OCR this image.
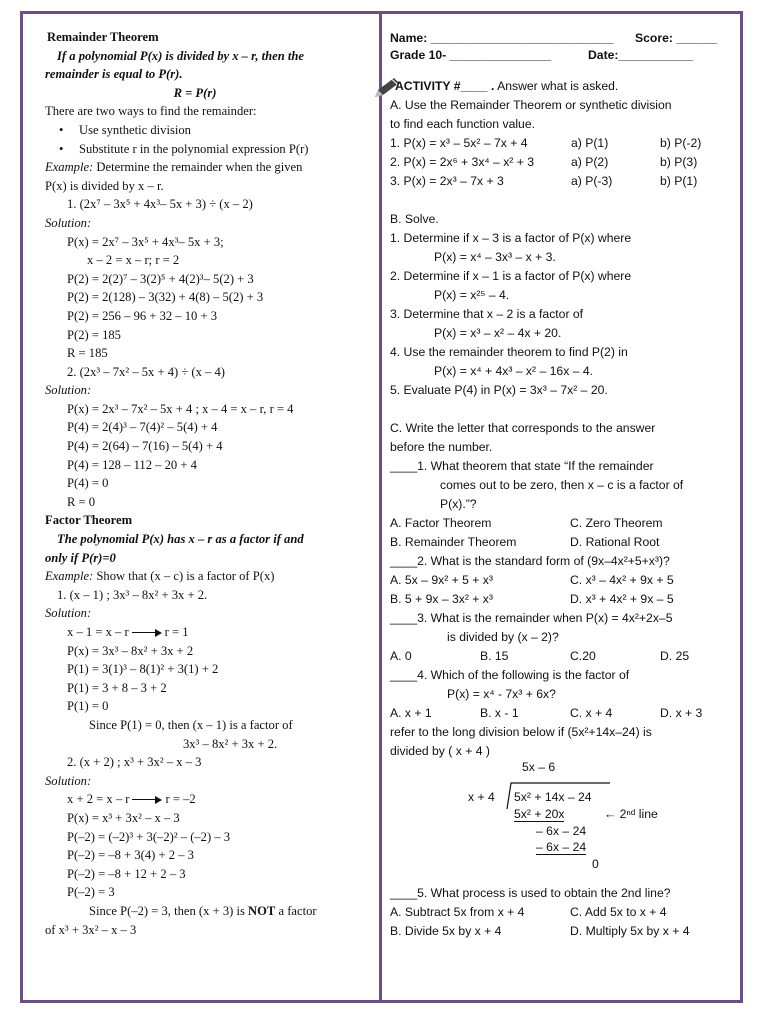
Remainder Theorem
If a polynomial P(x) is divided by x – r, then the
remainder is equal to P(r).
R = P(r)
There are two ways to find the remainder:
• Use synthetic division
• Substitute r in the polynomial expression P(r)
Example: Determine the remainder when the given
P(x) is divided by x – r.
1. (2x⁷ – 3x⁵ + 4x³– 5x + 3) ÷ (x – 2)
Solution:
P(x) = 2x⁷ – 3x⁵ + 4x³– 5x + 3;
x – 2 = x – r; r = 2
P(2) = 2(2)⁷ – 3(2)⁵ + 4(2)³– 5(2) + 3
P(2) = 2(128) – 3(32) + 4(8) – 5(2) + 3
P(2) = 256 – 96 + 32 – 10 + 3
P(2) = 185
R = 185
2. (2x³ – 7x² – 5x + 4) ÷ (x – 4)
Solution:
P(x) = 2x³ – 7x² – 5x + 4 ; x – 4 = x – r, r = 4
P(4) = 2(4)³ – 7(4)² – 5(4) + 4
P(4) = 2(64) – 7(16) – 5(4) + 4
P(4) = 128 – 112 – 20 + 4
P(4) = 0
R = 0
Factor Theorem
The polynomial P(x) has x – r as a factor if and
only if P(r)=0
Example: Show that (x – c) is a factor of P(x)
1. (x – 1) ; 3x³ – 8x² + 3x + 2.
Solution:
x – 1 = x – r	r = 1
P(x) = 3x³ – 8x² + 3x + 2
P(1) = 3(1)³ – 8(1)² + 3(1) + 2
P(1) = 3 + 8 – 3 + 2
P(1) = 0
Since P(1) = 0, then (x – 1) is a factor of
3x³ – 8x² + 3x + 2.
2. (x + 2) ; x³ + 3x² – x – 3
Solution:
x + 2 = x – r	r = –2
P(x) = x³ + 3x² – x – 3
P(–2) = (–2)³ + 3(–2)² – (–2) – 3
P(–2) = –8 + 3(4) + 2 – 3
P(–2) = –8 + 12 + 2 – 3
P(–2) = 3
Since P(–2) = 3, then (x + 3) is NOT a factor
of x³ + 3x² – x – 3
Name: ___________________________ Score: ______
Grade 10- _______________	Date:___________
ACTIVITY #____ . Answer what is asked.
A. Use the Remainder Theorem or synthetic division
to find each function value.
1. P(x) = x³ – 5x² – 7x + 4	a) P(1)	b) P(-2)
2. P(x) = 2x⁶ + 3x⁴ – x² + 3	a) P(2)	b) P(3)
3. P(x) = 2x³ – 7x + 3	a) P(-3)	b) P(1)
B. Solve.
1. Determine if x – 3 is a factor of P(x) where
P(x) = x⁴ – 3x³ – x + 3.
2. Determine if x – 1 is a factor of P(x) where
P(x) = x²⁵ – 4.
3. Determine that x – 2 is a factor of
P(x) = x³ – x² – 4x + 20.
4. Use the remainder theorem to find P(2) in
P(x) = x⁴ + 4x³ – x² – 16x – 4.
5. Evaluate P(4) in P(x) = 3x³ – 7x² – 20.
C. Write the letter that corresponds to the answer
before the number.
____1. What theorem that state “If the remainder
comes out to be zero, then x – c is a factor of
P(x).”?
A. Factor Theorem	C. Zero Theorem
B. Remainder Theorem	D. Rational Root
____2. What is the standard form of (9x–4x²+5+x³)?
A. 5x – 9x² + 5 + x³	C. x³ – 4x² + 9x + 5
B. 5 + 9x – 3x² + x³	D. x³ + 4x² + 9x – 5
____3. What is the remainder when P(x) = 4x²+2x–5
is divided by (x – 2)?
A. 0	B. 15	C.20	D. 25
____4. Which of the following is the factor of
P(x) = x⁴ - 7x³ + 6x?
A. x + 1	B. x - 1	C. x + 4	D. x + 3
refer to the long division below if (5x²+14x–24) is
divided by ( x + 4 )
5x – 6
x + 4 5x² + 14x – 24
5x² + 20x	← 2ⁿᵈ line
– 6x – 24
– 6x – 24
0
____5. What process is used to obtain the 2nd line?
A. Subtract 5x from x + 4	C. Add 5x to x + 4
B. Divide 5x by x + 4	D. Multiply 5x by x + 4
